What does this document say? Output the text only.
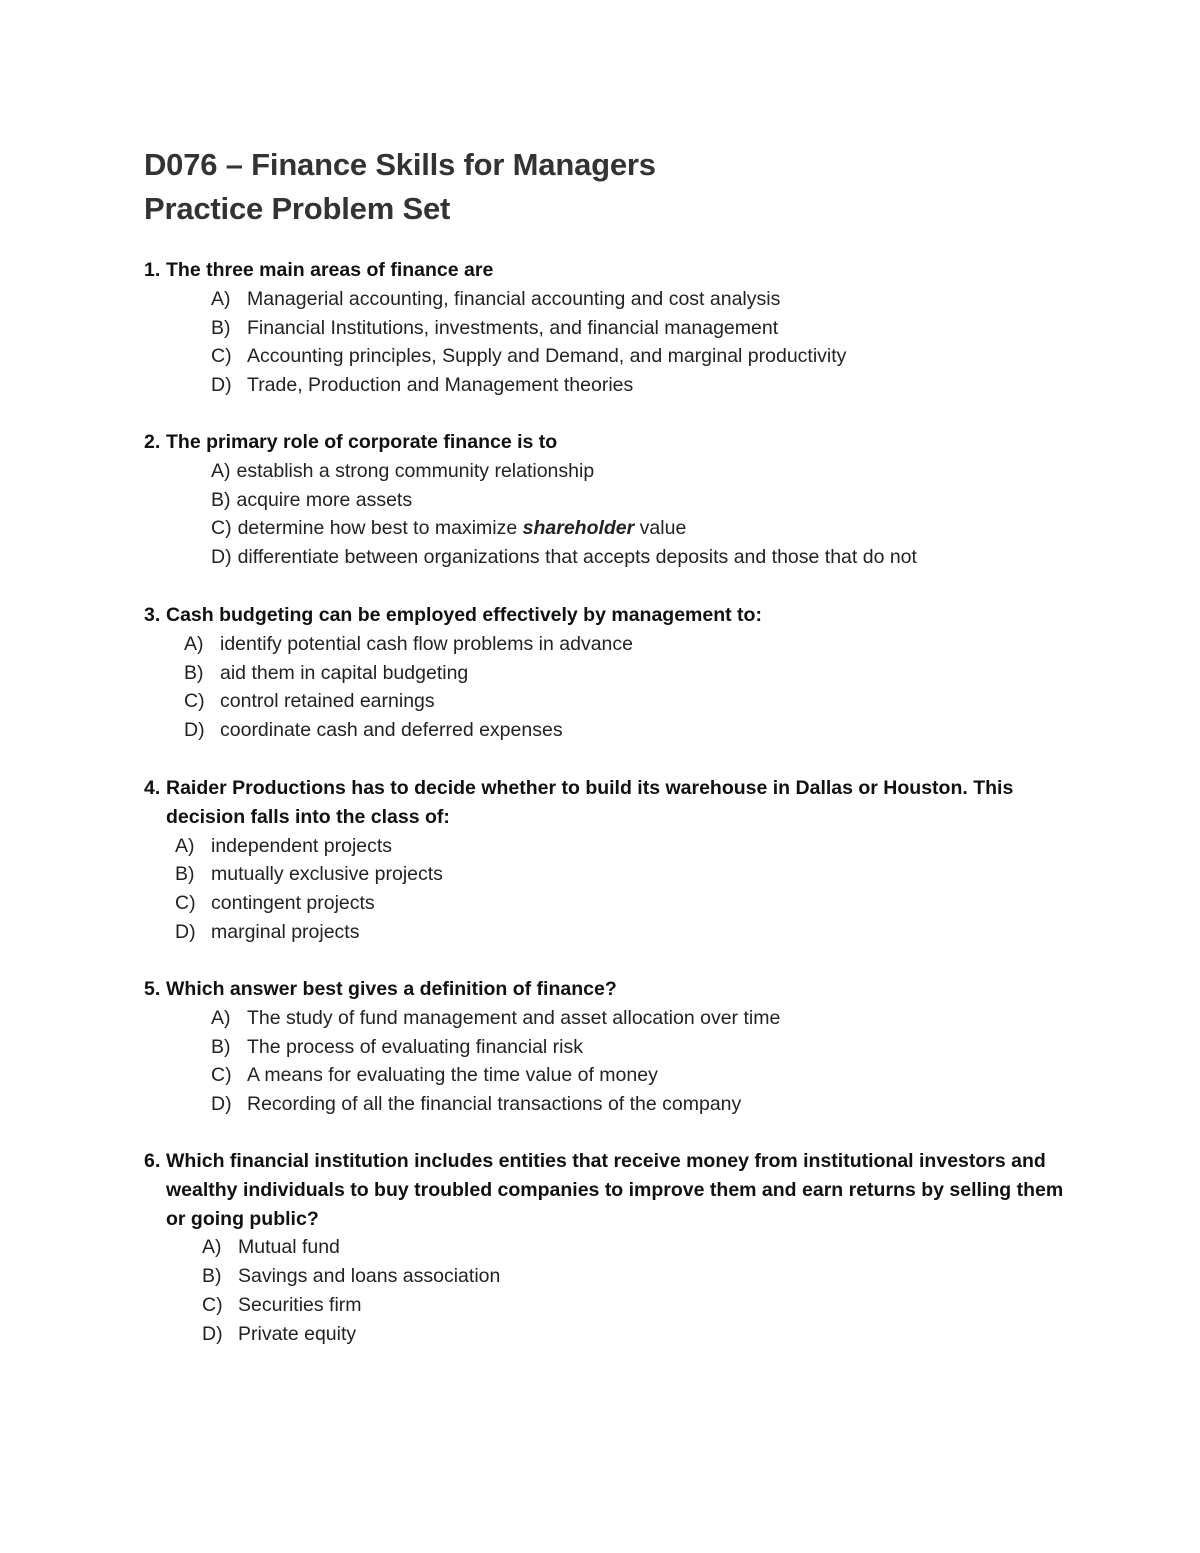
D076 – Finance Skills for Managers
Practice Problem Set
1. The three main areas of finance are
A) Managerial accounting, financial accounting and cost analysis
B) Financial Institutions, investments, and financial management
C) Accounting principles, Supply and Demand, and marginal productivity
D) Trade, Production and Management theories
2. The primary role of corporate finance is to
A) establish a strong community relationship
B) acquire more assets
C) determine how best to maximize shareholder value
D) differentiate between organizations that accepts deposits and those that do not
3. Cash budgeting can be employed effectively by management to:
A) identify potential cash flow problems in advance
B) aid them in capital budgeting
C) control retained earnings
D) coordinate cash and deferred expenses
4. Raider Productions has to decide whether to build its warehouse in Dallas or Houston. This decision falls into the class of:
A) independent projects
B) mutually exclusive projects
C) contingent projects
D) marginal projects
5. Which answer best gives a definition of finance?
A) The study of fund management and asset allocation over time
B) The process of evaluating financial risk
C) A means for evaluating the time value of money
D) Recording of all the financial transactions of the company
6. Which financial institution includes entities that receive money from institutional investors and wealthy individuals to buy troubled companies to improve them and earn returns by selling them or going public?
A) Mutual fund
B) Savings and loans association
C) Securities firm
D) Private equity
